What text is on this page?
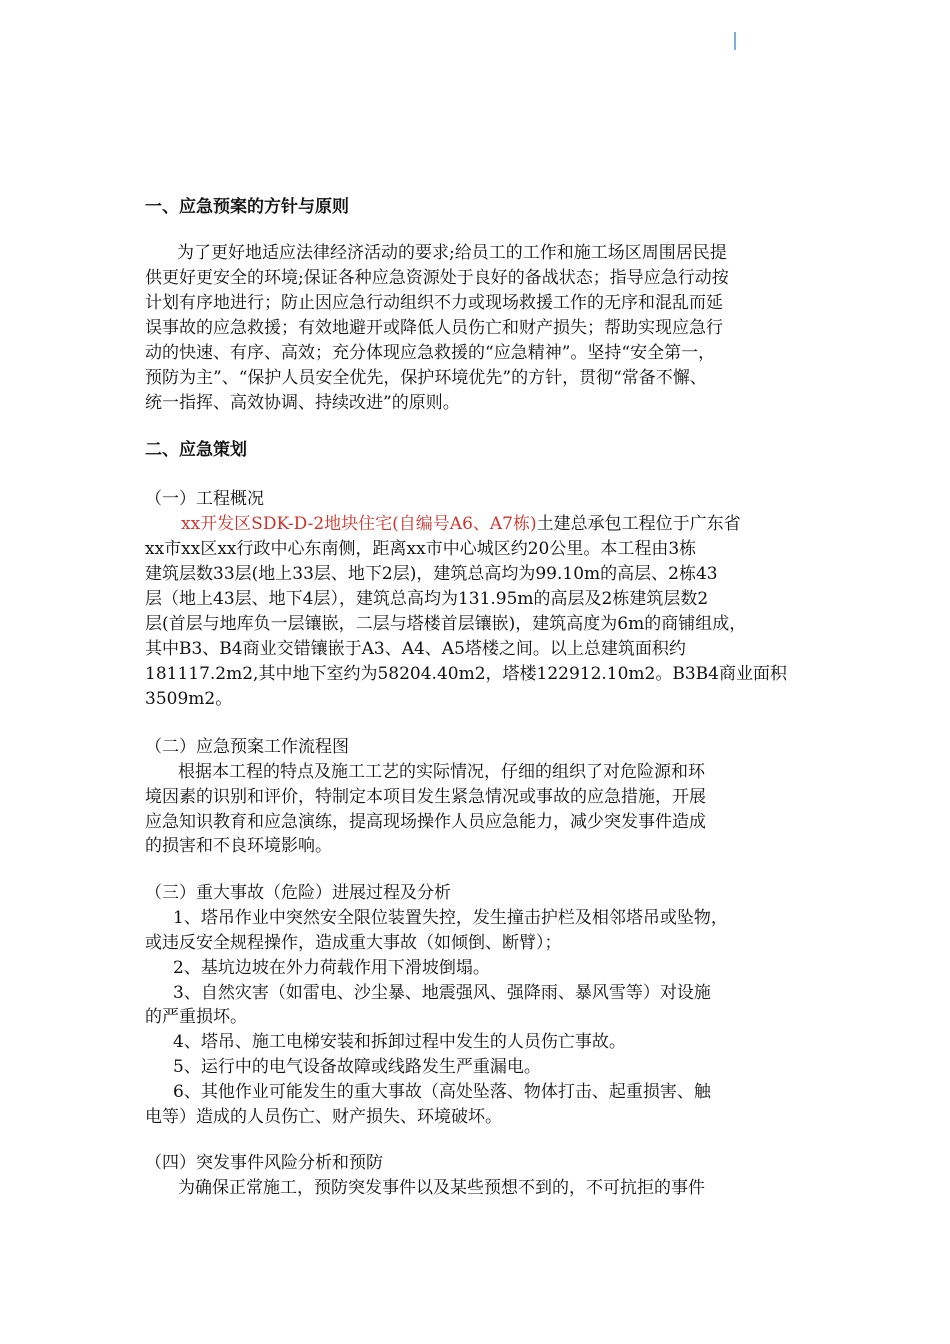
一、应急预案的方针与原则
为了更好地适应法律经济活动的要求;给员工的工作和施工场区周围居民提
供更好更安全的环境;保证各种应急资源处于良好的备战状态；指导应急行动按
计划有序地进行；防止因应急行动组织不力或现场救援工作的无序和混乱而延
误事故的应急救援；有效地避开或降低人员伤亡和财产损失；帮助实现应急行
动的快速、有序、高效；充分体现应急救援的“应急精神”。坚持“安全第一，
预防为主”、“保护人员安全优先，保护环境优先”的方针，贯彻“常备不懈、
统一指挥、高效协调、持续改进”的原则。
二、应急策划
（一）工程概况
xx开发区SDK-D-2地块住宅(自编号A6、A7栋)土建总承包工程位于广东省
xx市xx区xx行政中心东南侧，距离xx市中心城区约20公里。本工程由3栋
建筑层数33层(地上33层、地下2层)，建筑总高均为99.10m的高层、2栋43
层（地上43层、地下4层），建筑总高均为131.95m的高层及2栋建筑层数2
层(首层与地库负一层镶嵌，二层与塔楼首层镶嵌)，建筑高度为6m的商铺组成，
其中B3、B4商业交错镶嵌于A3、A4、A5塔楼之间。以上总建筑面积约
181117.2m2,其中地下室约为58204.40m2，塔楼122912.10m2。B3B4商业面积
3509m2。
（二）应急预案工作流程图
根据本工程的特点及施工工艺的实际情况，仔细的组织了对危险源和环
境因素的识别和评价，特制定本项目发生紧急情况或事故的应急措施，开展
应急知识教育和应急演练，提高现场操作人员应急能力，减少突发事件造成
的损害和不良环境影响。
（三）重大事故（危险）进展过程及分析
1、塔吊作业中突然安全限位装置失控，发生撞击护栏及相邻塔吊或坠物，
或违反安全规程操作，造成重大事故（如倾倒、断臂）；
2、基坑边坡在外力荷载作用下滑坡倒塌。
3、自然灾害（如雷电、沙尘暴、地震强风、强降雨、暴风雪等）对设施
的严重损坏。
4、塔吊、施工电梯安装和拆卸过程中发生的人员伤亡事故。
5、运行中的电气设备故障或线路发生严重漏电。
6、其他作业可能发生的重大事故（高处坠落、物体打击、起重损害、触
电等）造成的人员伤亡、财产损失、环境破坏。
（四）突发事件风险分析和预防
为确保正常施工，预防突发事件以及某些预想不到的，不可抗拒的事件
